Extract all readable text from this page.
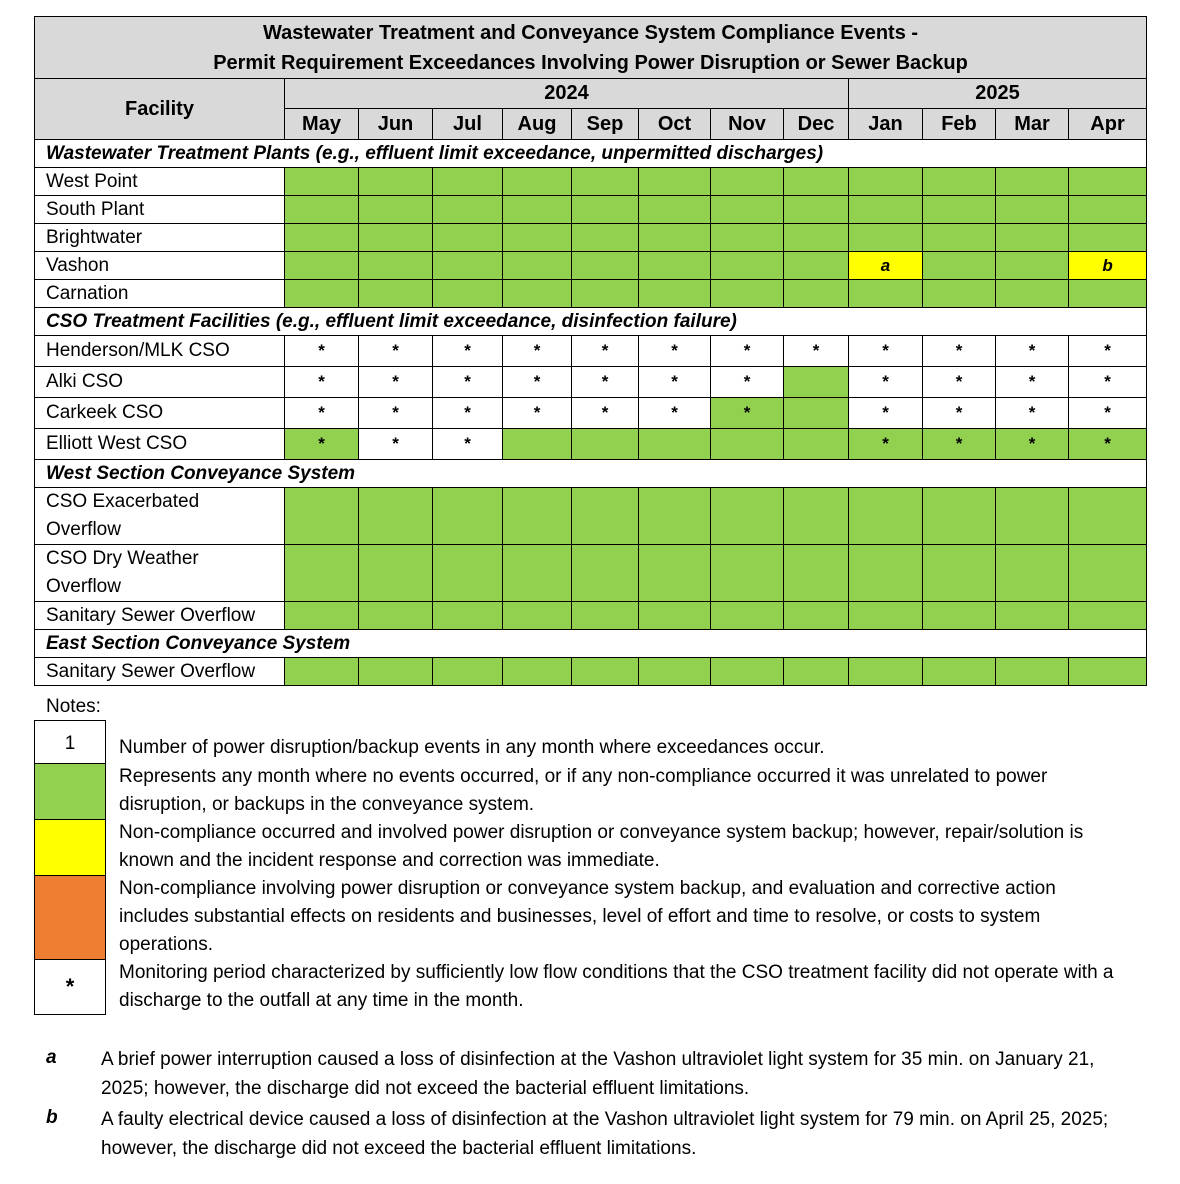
Wastewater Treatment and Conveyance System Compliance Events -
Permit Requirement Exceedances Involving Power Disruption or Sewer Backup												

Facility	2024								2025			
	May	Jun	Jul	Aug	Sep	Oct	Nov	Dec	Jan	Feb	Mar	Apr
Wastewater Treatment Plants (e.g., effluent limit exceedance, unpermitted discharges)												

West Point												

South Plant												

Brightwater												

Vashon									a			b

Carnation												

CSO Treatment Facilities (e.g., effluent limit exceedance, disinfection failure)												

Henderson/MLK CSO	*	*	*	*	*	*	*	*	*	*	*	*

Alki CSO	*	*	*	*	*	*	*		*	*	*	*

Carkeek CSO	*	*	*	*	*	*	*		*	*	*	*

Elliott West CSO	*	*	*						*	*	*	*
West Section Conveyance System												

CSO Exacerbated
Overflow												

CSO Dry Weather
Overflow												

Sanitary Sewer Overflow												

East Section Conveyance System												

Sanitary Sewer Overflow												

Notes:
1	Number of power disruption/backup events in any month where exceedances occur.
Represents any month where no events occurred, or if any non-compliance occurred it was unrelated to power disruption, or backups in the conveyance system.
Non-compliance occurred and involved power disruption or conveyance system backup; however, repair/solution is known and the incident response and correction was immediate.
Non-compliance involving power disruption or conveyance system backup, and evaluation and corrective action includes substantial effects on residents and businesses, level of effort and time to resolve, or costs to system operations.
*
Monitoring period characterized by sufficiently low flow conditions that the CSO treatment facility did not operate with a discharge to the outfall at any time in the month.
a A brief power interruption caused a loss of disinfection at the Vashon ultraviolet light system for 35 min. on January 21, 2025; however, the discharge did not exceed the bacterial effluent limitations.
b A faulty electrical device caused a loss of disinfection at the Vashon ultraviolet light system for 79 min. on April 25, 2025; however, the discharge did not exceed the bacterial effluent limitations.
